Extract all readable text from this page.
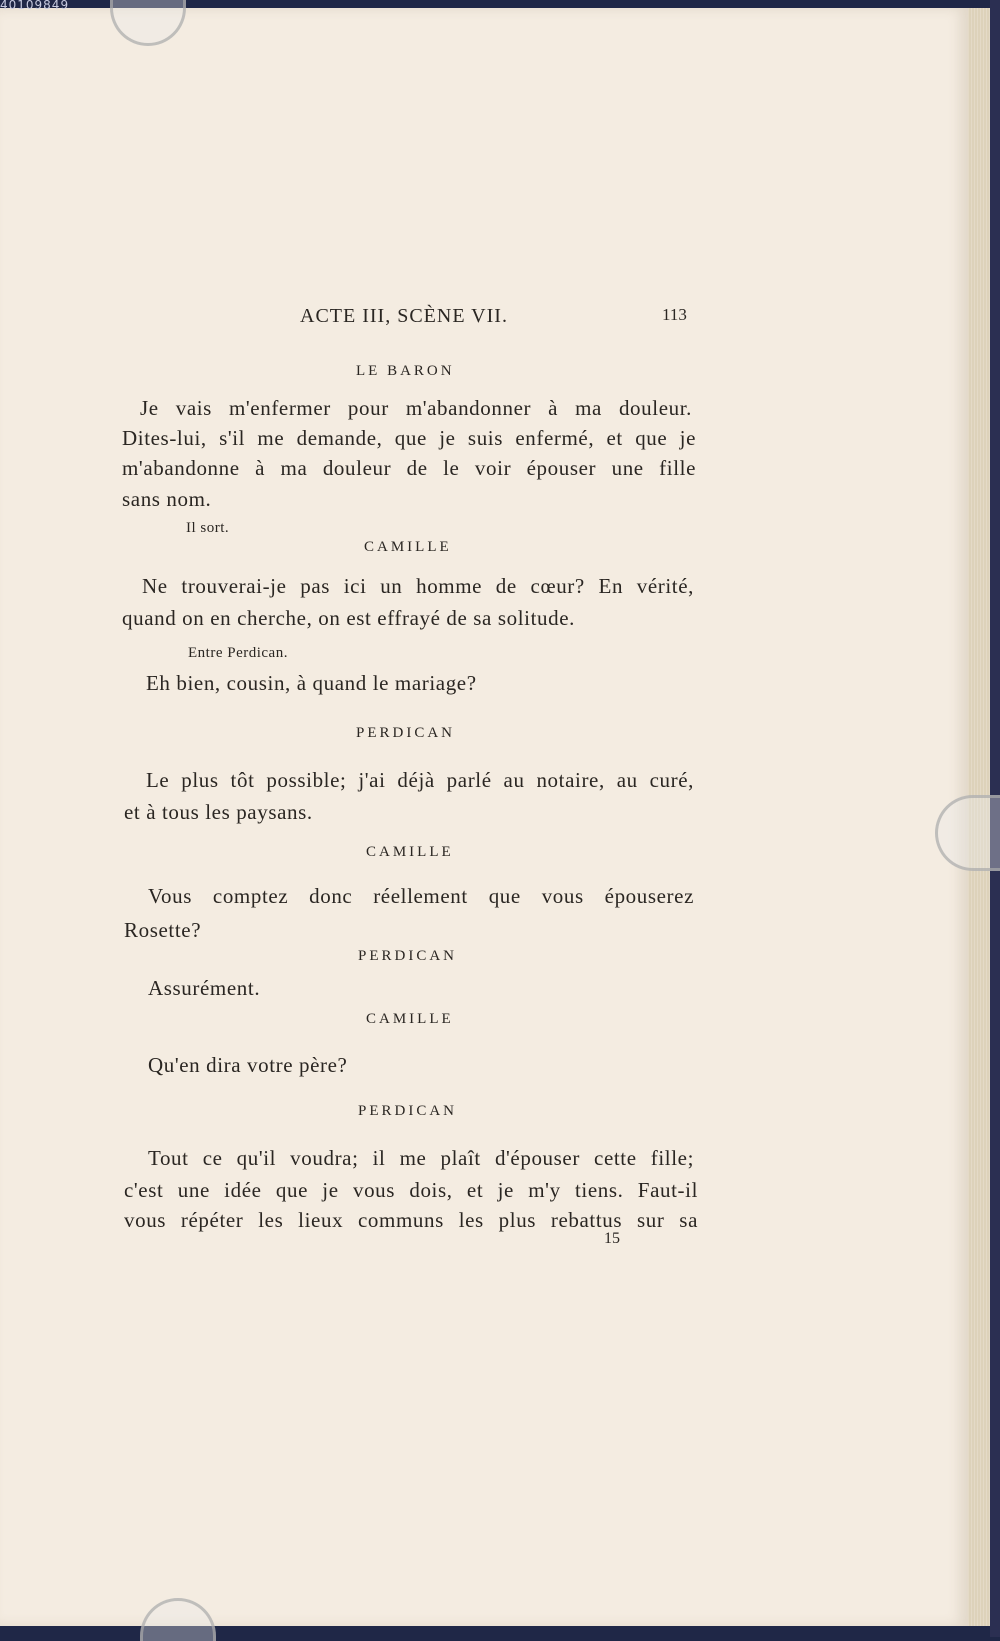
ACTE III, SCÈNE VII.	113
LE BARON
Je vais m'enfermer pour m'abandonner à ma douleur.
Dites-lui, s'il me demande, que je suis enfermé, et que je
m'abandonne à ma douleur de le voir épouser une fille
sans nom.
Il sort.
CAMILLE
Ne trouverai-je pas ici un homme de cœur? En vérité,
quand on en cherche, on est effrayé de sa solitude.
Entre Perdican.
Eh bien, cousin, à quand le mariage?
PERDICAN
Le plus tôt possible; j'ai déjà parlé au notaire, au curé,
et à tous les paysans.
CAMILLE
Vous comptez donc réellement que vous épouserez
Rosette?
PERDICAN
Assurément.
CAMILLE
Qu'en dira votre père?
PERDICAN
Tout ce qu'il voudra; il me plaît d'épouser cette fille;
c'est une idée que je vous dois, et je m'y tiens. Faut-il
vous répéter les lieux communs les plus rebattus sur sa
15
40109849
